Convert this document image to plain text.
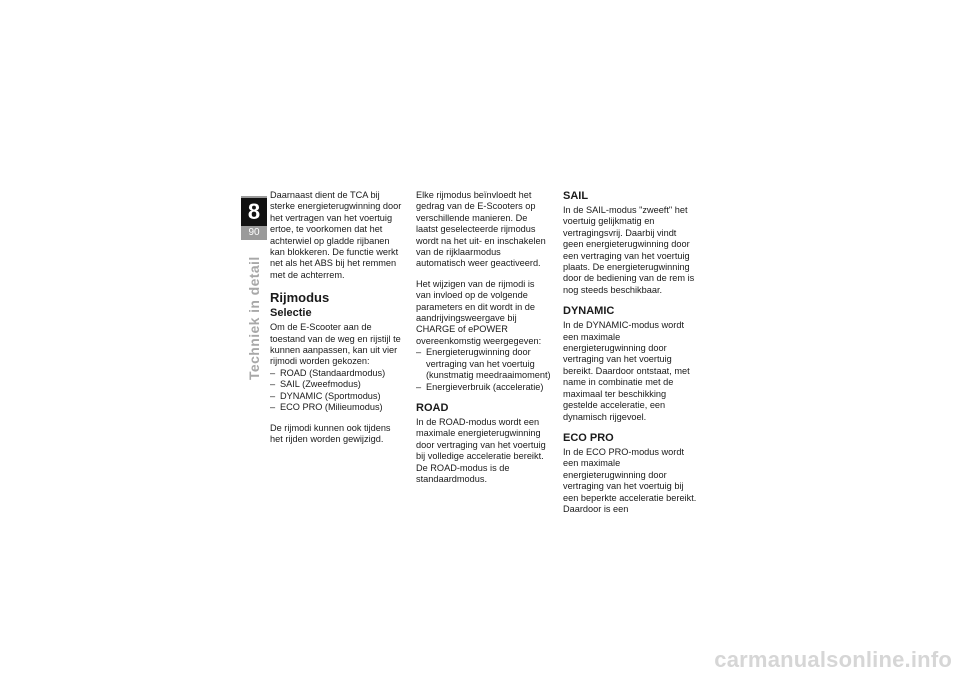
8
90
Techniek in detail

Daarnaast dient de TCA bij sterke energieterugwinning door het vertragen van het voertuig ertoe, te voorkomen dat het achterwiel op gladde rijbanen kan blokkeren. De functie werkt net als het ABS bij het remmen met de achterrem.

Rijmodus
Selectie

Om de E-Scooter aan de toestand van de weg en rijstijl te kunnen aanpassen, kan uit vier rijmodi worden gekozen:

– ROAD (Standaardmodus)
– SAIL (Zweefmodus)
– DYNAMIC (Sportmodus)
– ECO PRO (Milieumodus)

De rijmodi kunnen ook tijdens het rijden worden gewijzigd.

Elke rijmodus beïnvloedt het gedrag van de E-Scooters op verschillende manieren. De laatst geselecteerde rijmodus wordt na het uit- en inschakelen van de rijklaarmodus automatisch weer geactiveerd.

Het wijzigen van de rijmodi is van invloed op de volgende parameters en dit wordt in de aandrijvingsweergave bij CHARGE of ePOWER overeenkomstig weergegeven:

– Energieterugwinning door vertraging van het voertuig (kunstmatig meedraaimoment)
– Energieverbruik (acceleratie)
ROAD

In de ROAD-modus wordt een maximale energieterugwinning door vertraging van het voertuig bij volledige acceleratie bereikt. De ROAD-modus is de standaardmodus.

SAIL

In de SAIL-modus "zweeft" het voertuig gelijkmatig en vertragingsvrij. Daarbij vindt geen energieterugwinning door een vertraging van het voertuig plaats. De energieterugwinning door de bediening van de rem is nog steeds beschikbaar.

DYNAMIC

In de DYNAMIC-modus wordt een maximale energieterugwinning door vertraging van het voertuig bereikt. Daardoor ontstaat, met name in combinatie met de maximaal ter beschikking gestelde acceleratie, een dynamisch rijgevoel.

ECO PRO

In de ECO PRO-modus wordt een maximale energieterugwinning door vertraging van het voertuig bij een beperkte acceleratie bereikt. Daardoor is een

carmanualsonline.info
